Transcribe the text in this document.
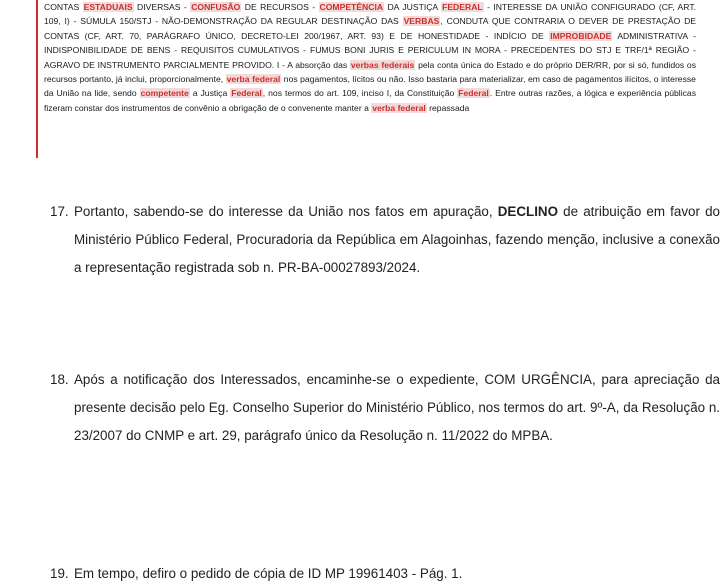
CONTAS ESTADUAIS DIVERSAS - CONFUSÃO DE RECURSOS - COMPETÊNCIA DA JUSTIÇA FEDERAL - INTERESSE DA UNIÃO CONFIGURADO (CF, ART. 109, I) - SÚMULA 150/STJ - NÃO-DEMONSTRAÇÃO DA REGULAR DESTINAÇÃO DAS VERBAS, CONDUTA QUE CONTRARIA O DEVER DE PRESTAÇÃO DE CONTAS (CF, ART. 70, PARÁGRAFO ÚNICO, DECRETO-LEI 200/1967, ART. 93) E DE HONESTIDADE - INDÍCIO DE IMPROBIDADE ADMINISTRATIVA - INDISPONIBILIDADE DE BENS - REQUISITOS CUMULATIVOS - FUMUS BONI JURIS E PERICULUM IN MORA - PRECEDENTES DO STJ E TRF/1ª REGIÃO - AGRAVO DE INSTRUMENTO PARCIALMENTE PROVIDO. I - A absorção das verbas federais pela conta única do Estado e do próprio DER/RR, por si só, fundidos os recursos portanto, já inclui, proporcionalmente, verba federal nos pagamentos, lícitos ou não. Isso bastaria para materializar, em caso de pagamentos ilícitos, o interesse da União na lide, sendo competente a Justiça Federal, nos termos do art. 109, inciso I, da Constituição Federal. Entre outras razões, a lógica e experiência públicas fizeram constar dos instrumentos de convênio a obrigação de o convenente manter a verba federal repassada

17. Portanto, sabendo-se do interesse da União nos fatos em apuração, DECLINO de atribuição em favor do Ministério Público Federal, Procuradoria da República em Alagoinhas, fazendo menção, inclusive a conexão a representação registrada sob n. PR-BA-00027893/2024.

18. Após a notificação dos Interessados, encaminhe-se o expediente, COM URGÊNCIA, para apreciação da presente decisão pelo Eg. Conselho Superior do Ministério Público, nos termos do art. 9º-A, da Resolução n. 23/2007 do CNMP e art. 29, parágrafo único da Resolução n. 11/2022 do MPBA.

19. Em tempo, defiro o pedido de cópia de ID MP 19961403 - Pág. 1.
